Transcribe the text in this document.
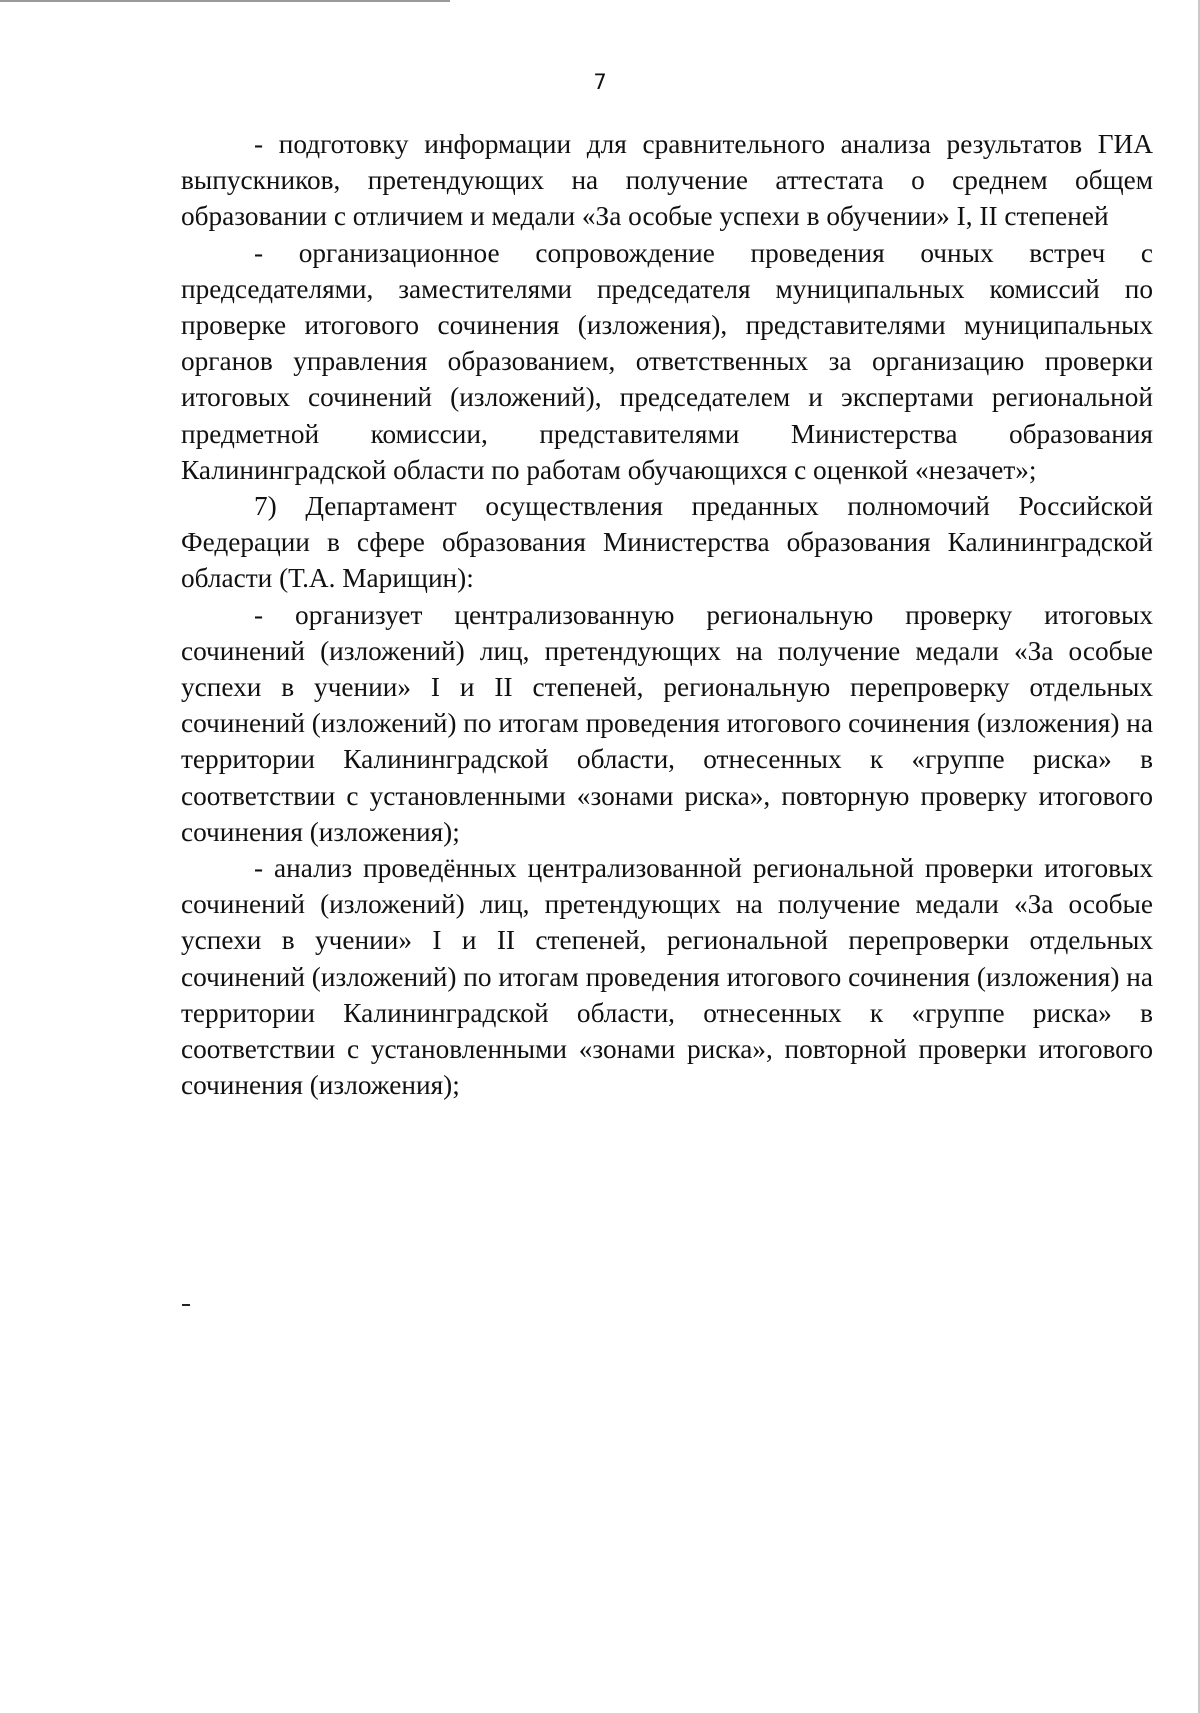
7

- подготовку информации для сравнительного анализа результатов ГИА выпускников, претендующих на получение аттестата о среднем общем образовании с отличием и медали «За особые успехи в обучении» I, II степеней

- организационное сопровождение проведения очных встреч с председателями, заместителями председателя муниципальных комиссий по проверке итогового сочинения (изложения), представителями муниципальных органов управления образованием, ответственных за организацию проверки итоговых сочинений (изложений), председателем и экспертами региональной предметной комиссии, представителями Министерства образования Калининградской области по работам обучающихся с оценкой «незачет»;

7) Департамент осуществления преданных полномочий Российской Федерации в сфере образования Министерства образования Калининградской области (Т.А. Марищин):

- организует централизованную региональную проверку итоговых сочинений (изложений) лиц, претендующих на получение медали «За особые успехи в учении» I и II степеней, региональную перепроверку отдельных сочинений (изложений) по итогам проведения итогового сочинения (изложения) на территории Калининградской области, отнесенных к «группе риска» в соответствии с установленными «зонами риска», повторную проверку итогового сочинения (изложения);

- анализ проведённых централизованной региональной проверки итоговых сочинений (изложений) лиц, претендующих на получение медали «За особые успехи в учении» I и II степеней, региональной перепроверки отдельных сочинений (изложений) по итогам проведения итогового сочинения (изложения) на территории Калининградской области, отнесенных к «группе риска» в соответствии с установленными «зонами риска», повторной проверки итогового сочинения (изложения);
